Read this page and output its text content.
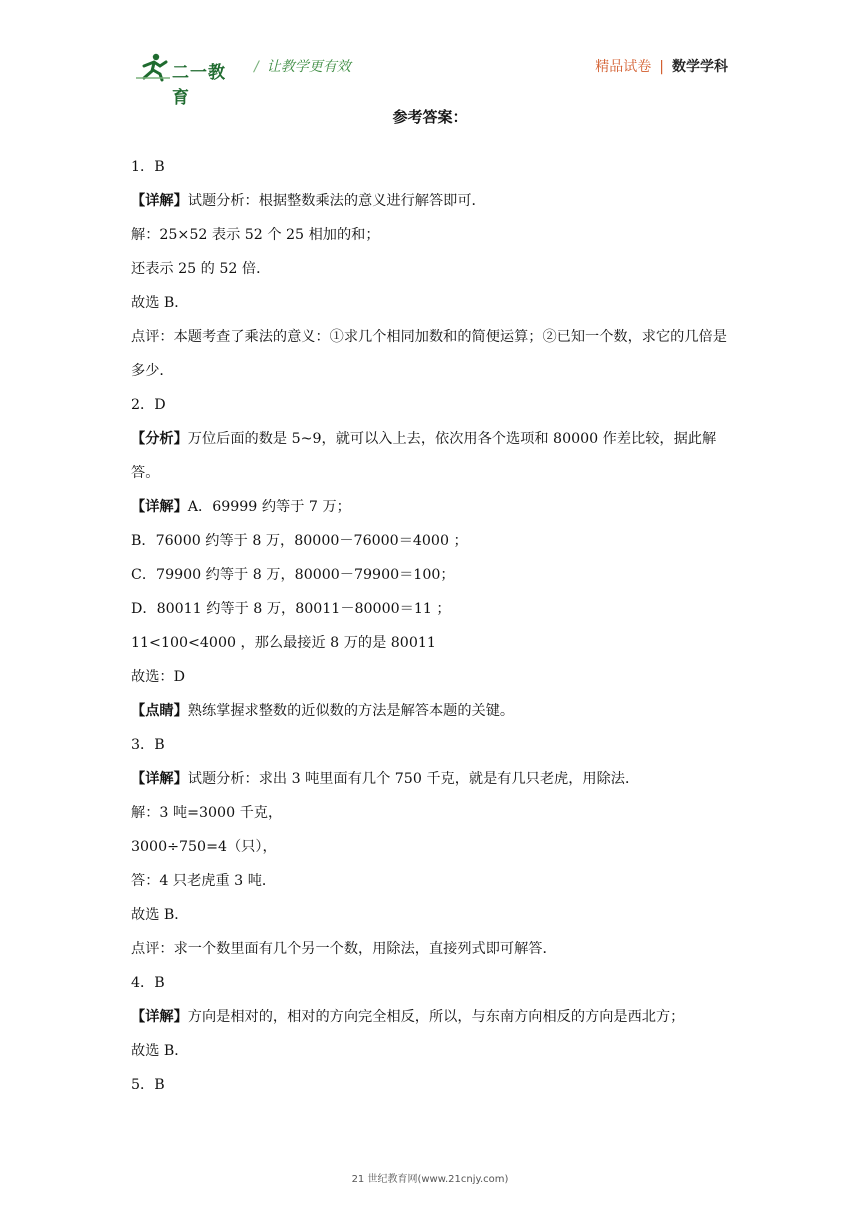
二一教育
/ 让教学更有效	精品试卷 | 数学学科
参考答案：

1．B

【详解】试题分析：根据整数乘法的意义进行解答即可．

解：25×52 表示 52 个 25 相加的和；

还表示 25 的 52 倍．

故选 B．

点评：本题考查了乘法的意义：①求几个相同加数和的简便运算；②已知一个数，求它的几倍是多少．

2．D

【分析】万位后面的数是 5~9，就可以入上去，依次用各个选项和 80000 作差比较，据此解答。

【详解】A．69999 约等于 7 万；

B．76000 约等于 8 万，80000－76000＝4000 ；

C．79900 约等于 8 万，80000－79900＝100；

D．80011 约等于 8 万，80011－80000＝11 ；

11<100<4000 ，那么最接近 8 万的是 80011

故选：D

【点睛】熟练掌握求整数的近似数的方法是解答本题的关键。

3．B

【详解】试题分析：求出 3 吨里面有几个 750 千克，就是有几只老虎，用除法．

解：3 吨=3000 千克，

3000÷750=4（只），

答：4 只老虎重 3 吨．

故选 B．

点评：求一个数里面有几个另一个数，用除法，直接列式即可解答．

4．B

【详解】方向是相对的，相对的方向完全相反，所以，与东南方向相反的方向是西北方；

故选 B．

5．B

21 世纪教育网(www.21cnjy.com)
